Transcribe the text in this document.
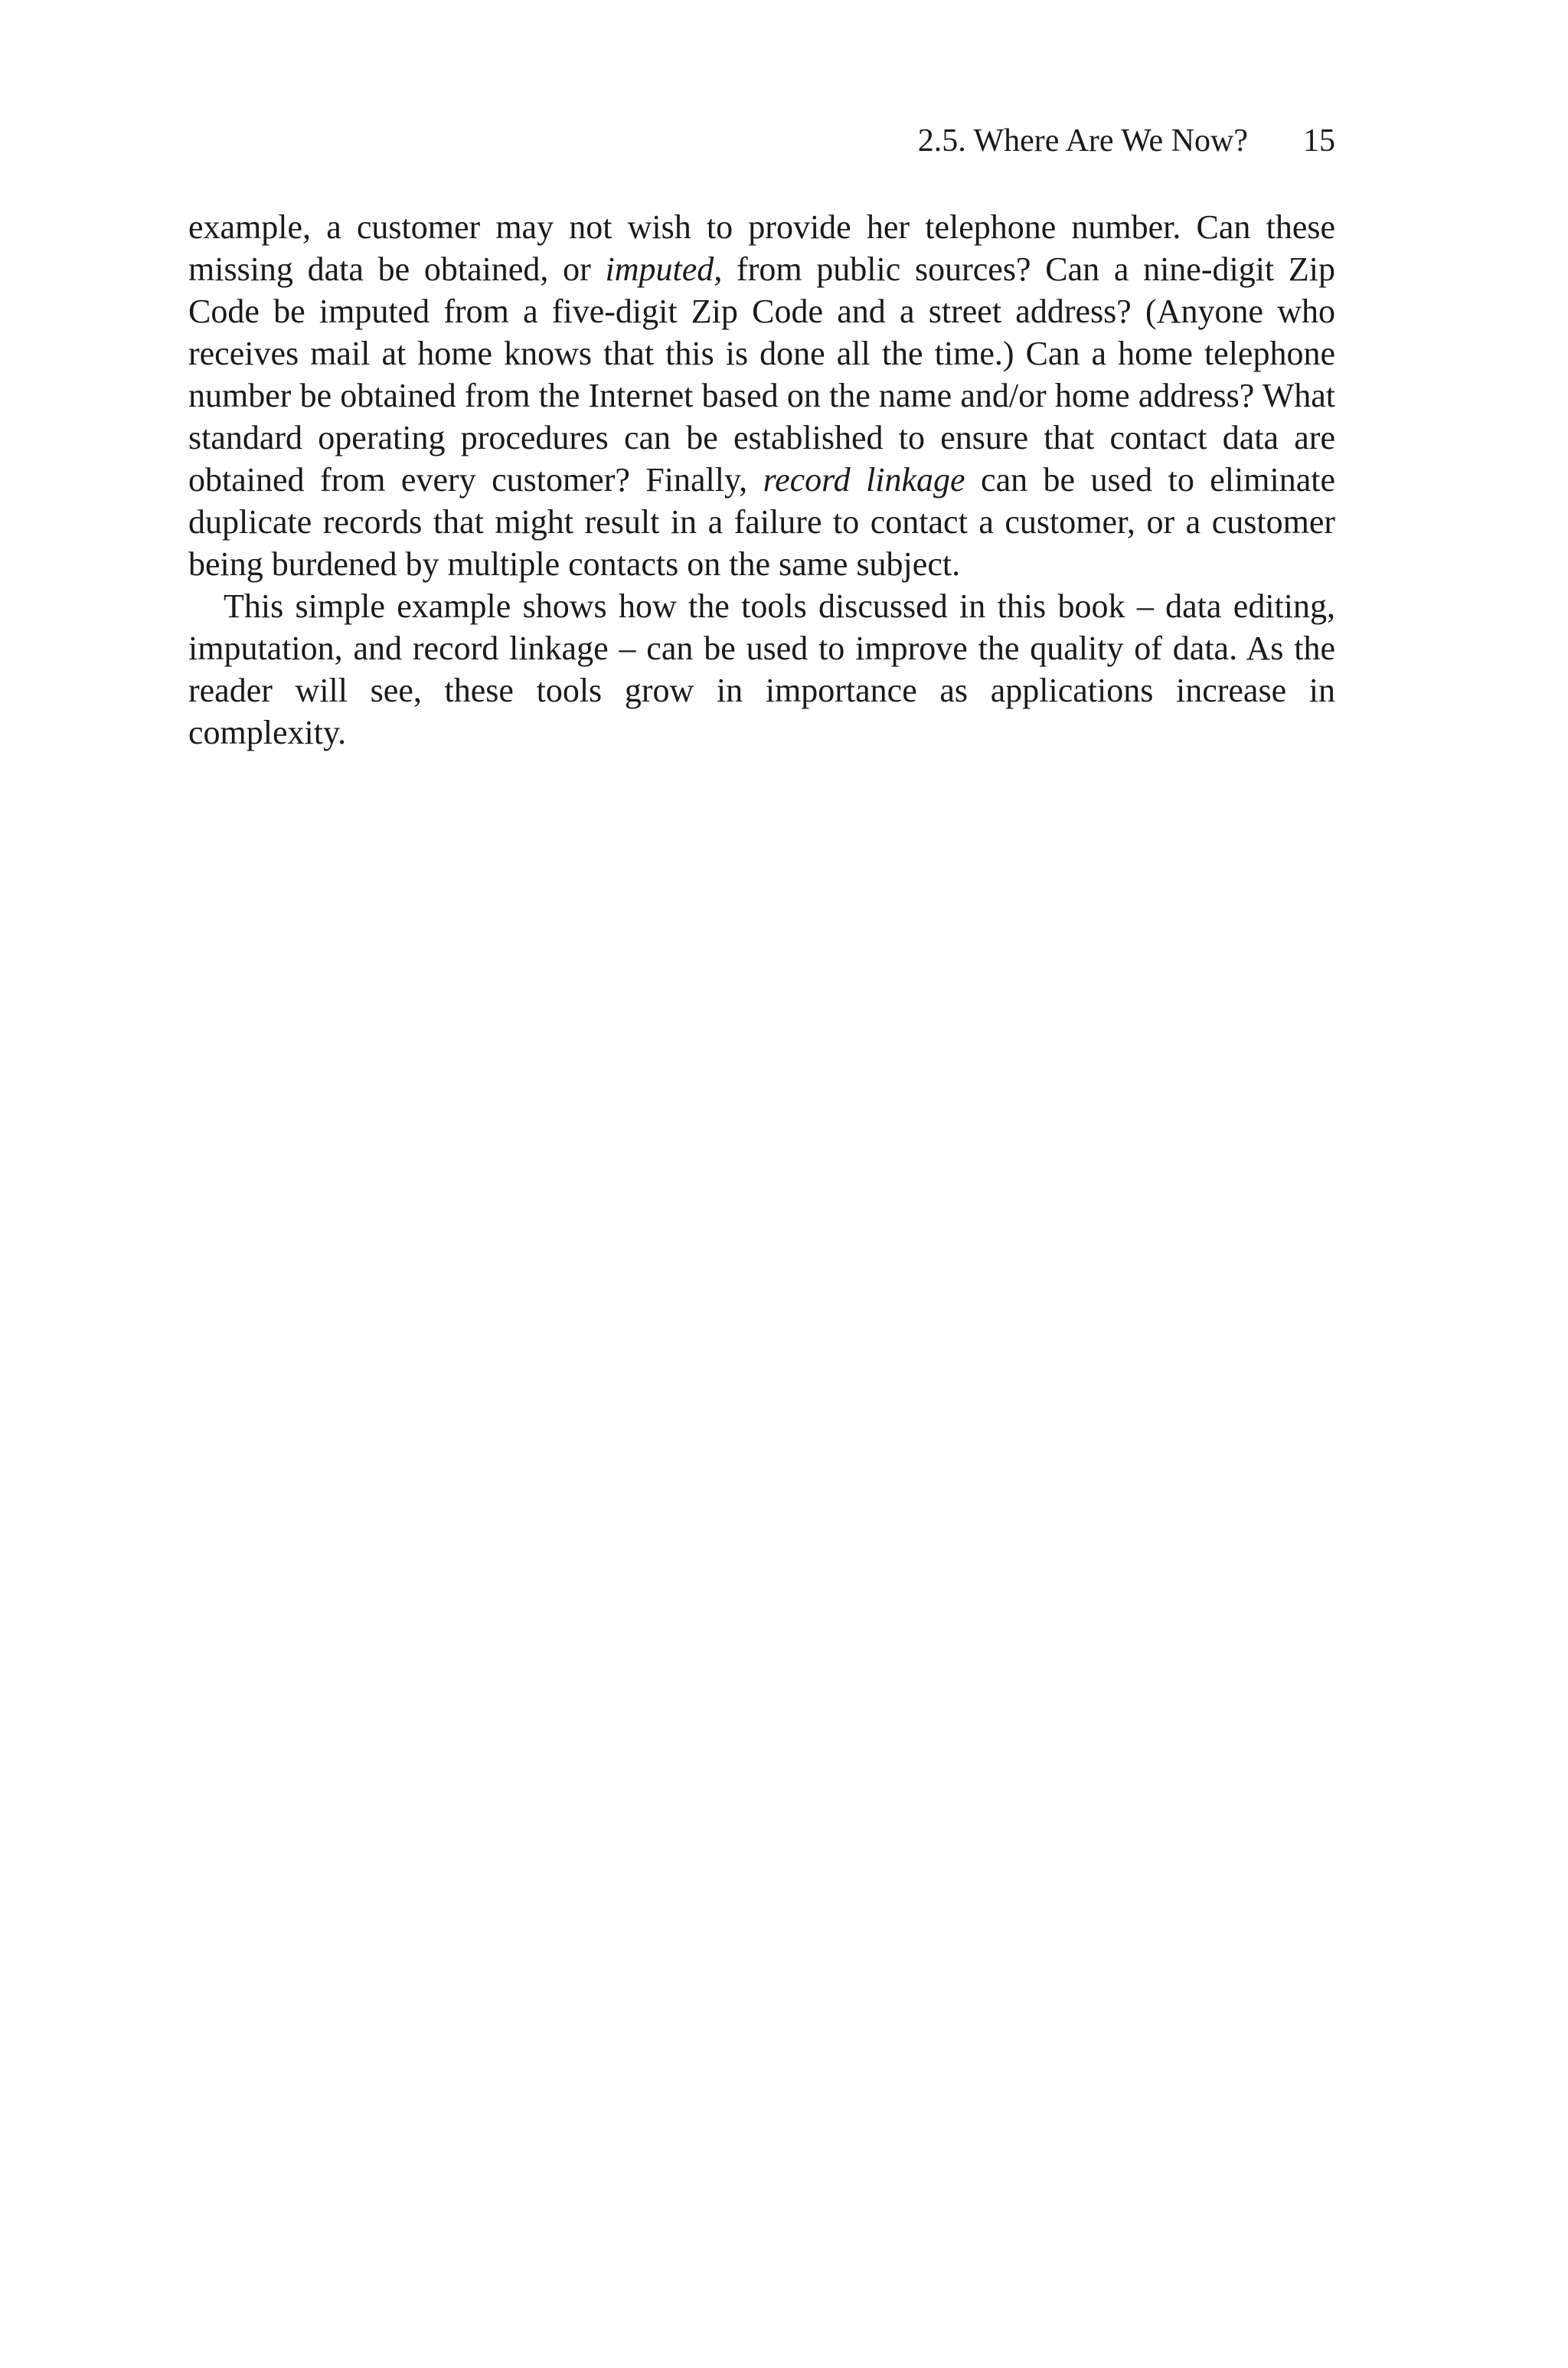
2.5. Where Are We Now? 15

example, a customer may not wish to provide her telephone number. Can these missing data be obtained, or imputed, from public sources? Can a nine-digit Zip Code be imputed from a five-digit Zip Code and a street address? (Anyone who receives mail at home knows that this is done all the time.) Can a home telephone number be obtained from the Internet based on the name and/or home address? What standard operating procedures can be established to ensure that contact data are obtained from every customer? Finally, record linkage can be used to eliminate duplicate records that might result in a failure to contact a customer, or a customer being burdened by multiple contacts on the same subject.

This simple example shows how the tools discussed in this book – data editing, imputation, and record linkage – can be used to improve the quality of data. As the reader will see, these tools grow in importance as applications increase in complexity.
